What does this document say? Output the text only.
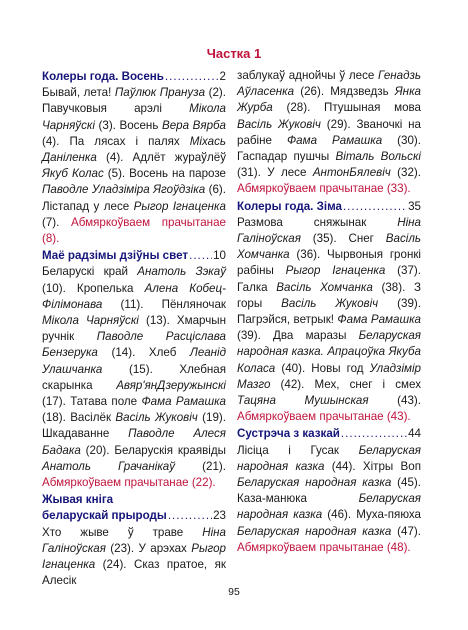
Частка 1
Колеры года. Восень .....	2

Бывай, лета! Паўлюк Пранузa (2). Павучковыя арэлі Мікола Чарняўскі (3). Восень Вера Вярба (4). Па лясах і палях Міхась Даніленка (4). Адлёт жураўлёў Якуб Колас (5). Восень на парозе Паводле Уладзіміра Ягоўдзіка (6). Лістапад у лесе Рыгор Ігнаценка (7). Абмяркоўваем прачытанае (8).

Маё радзімы дзіўны свет ..... 10

Беларускі край Анатоль Зэкаў (10). Кропелька Алена Кобец-Філімонава (11). Пёнляночак Мікола Чарняўскі (13). Хмарчын ручнік Паводле Расціслава Бензерука (14). Хлеб Леанід Улашчанка (15). Хлебная скарынка Авяр'янДзеружынскі (17). Татава поле Фама Рамашка (18). Васілёк Васіль Жуковіч (19). Шкадаванне Паводле Алеся Бадака (20). Беларускія краявіды Анатоль Грачанікаў (21). Абмяркоўваем прачытанае (22).

Жывая кніга
беларускай прыроды .....	23

Хто жыве ў траве Ніна Галіноўская (23). У арэхах Рыгор Ігнаценка (24). Сказ пратое, як Алесік

заблукаў аднойчы ў лесе Генадзь Аўласенка (26). Мядзведзь Янка Журба (28). Птушыная мова Васіль Жуковіч (29). Званочкі на рабіне Фама Рамашка (30). Гаспадар пушчы Віталь Вольскі (31). У лесе АнтонБялевіч (32). Абмяркоўваем прачытанае (33).

Колеры года. Зіма .....	35

Размова сняжынак Ніна Галіноўская (35). Снег Васіль Хомчанка (36). Чырвоныя гронкі рабіны Рыгор Ігнаценка (37). Галка Васіль Хомчанка (38). З горы Васіль Жуковіч (39). Пагрэйся, ветрык! Фама Рамашка (39). Два маразы Беларуская народная казка. Апрацоўка Якуба Коласа (40). Новы год Уладзімір Мазго (42). Мех, снег і смех Тацяна Мушынская (43). Абмяркоўваем прачытанае (43).

Сустрэча з казкай .....	44

Лісіца і Гусак Беларуская народная казка (44). Хітры Воп Беларуская народная казка (45). Каза-манюка Беларуская народная казка (46). Муха-пяюха Беларуская народная казка (47). Абмяркоўваем прачытанае (48).

95
